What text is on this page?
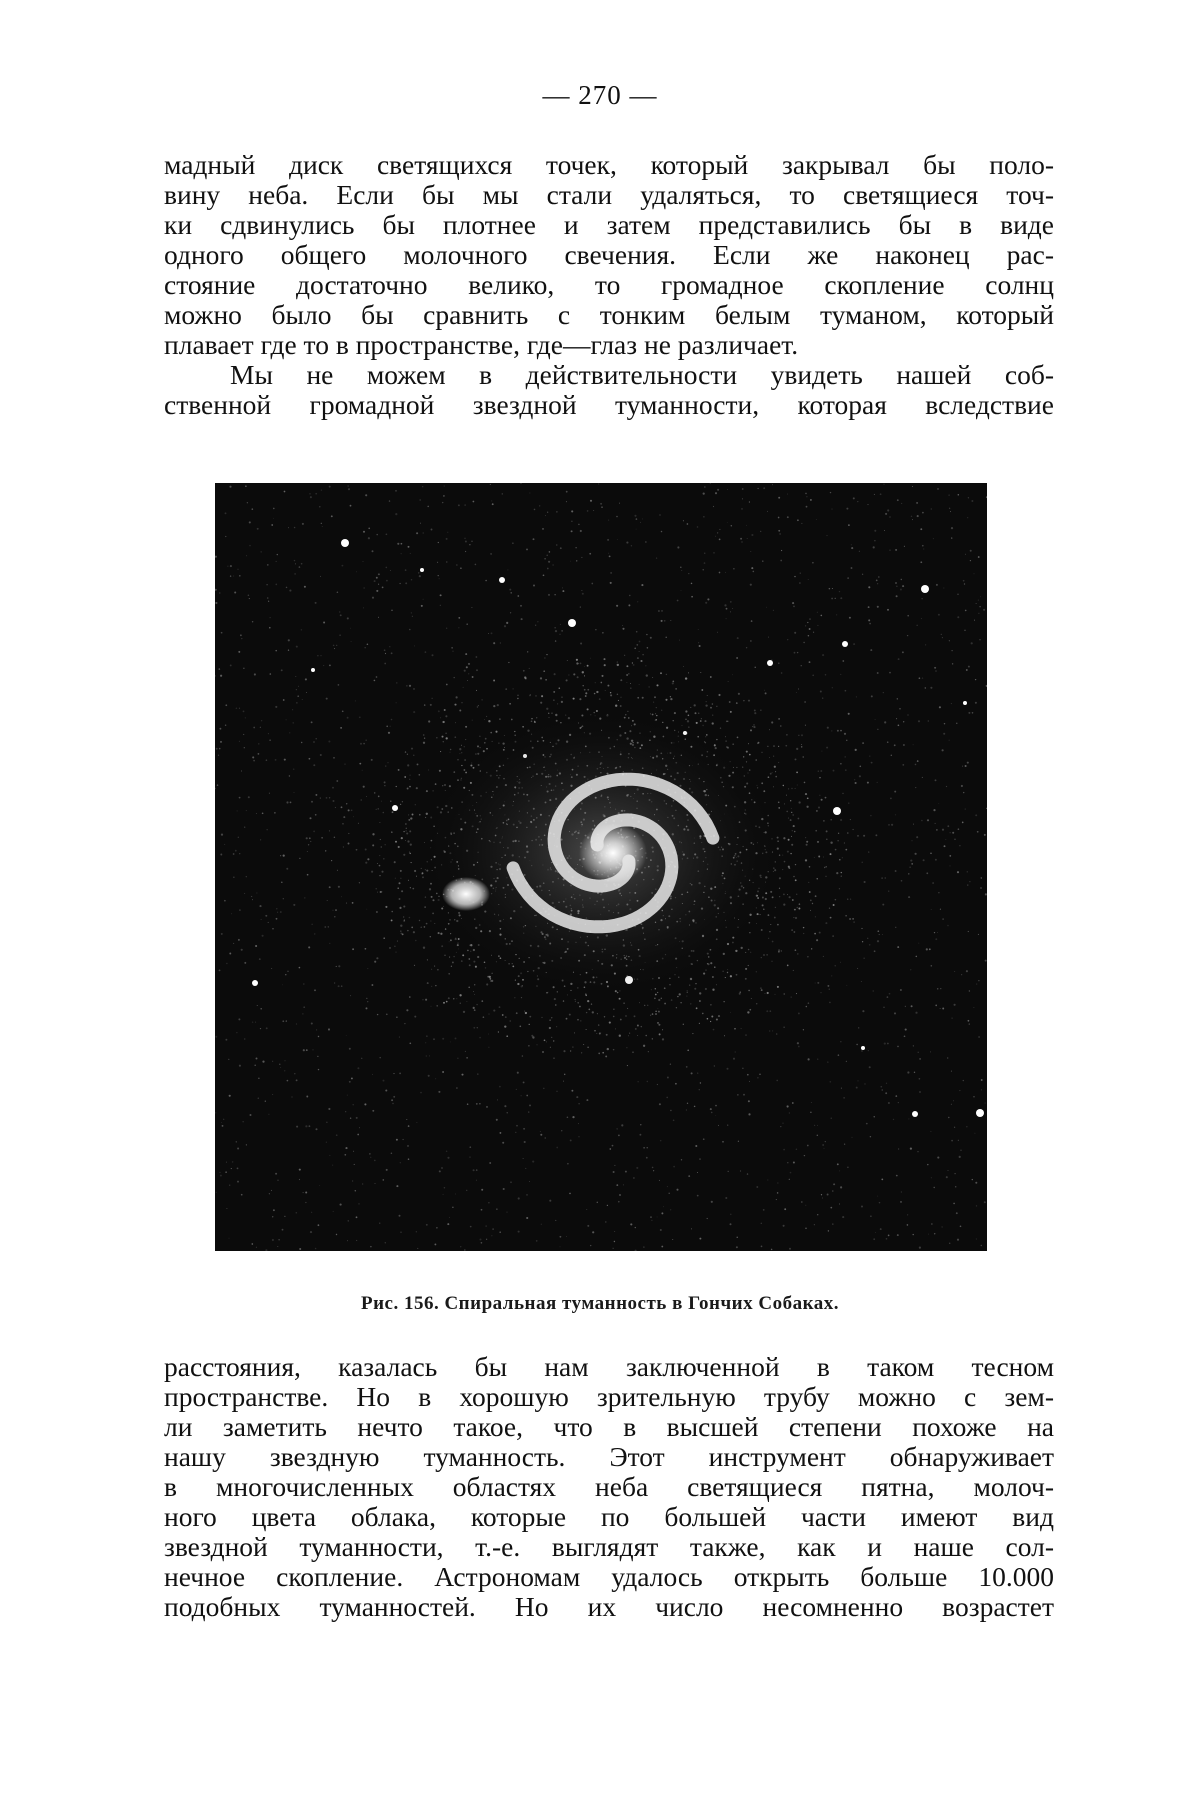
— 270 —
мадный диск светящихся точек, который закрывал бы поло-
вину неба. Если бы мы стали удаляться, то светящиеся точ-
ки сдвинулись бы плотнее и затем представились бы в виде
одного общего молочного свечения. Если же наконец рас-
стояние достаточно велико, то громадное скопление солнц
можно было бы сравнить с тонким белым туманом, который
плавает где то в пространстве, где—глаз не различает.
Мы не можем в действительности увидеть нашей соб-
ственной громадной звездной туманности, которая вследствие
Рис. 156. Спиральная туманность в Гончих Собаках.
расстояния, казалась бы нам заключенной в таком тесном
пространстве. Но в хорошую зрительную трубу можно с зем-
ли заметить нечто такое, что в высшей степени похоже на
нашу звездную туманность. Этот инструмент обнаруживает
в многочисленных областях неба светящиеся пятна, молоч-
ного цвета облака, которые по большей части имеют вид
звездной туманности, т.-е. выглядят также, как и наше сол-
нечное скопление. Астрономам удалось открыть больше 10.000
подобных туманностей. Но их число несомненно возрастет
